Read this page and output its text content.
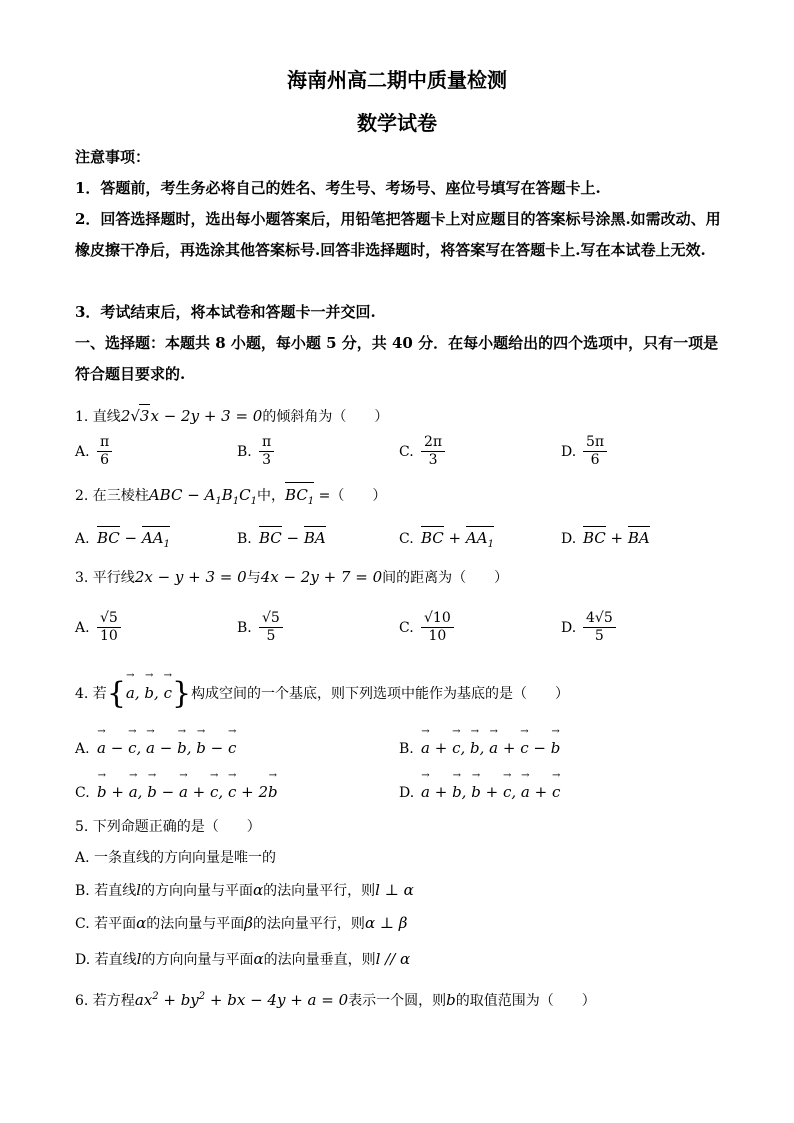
海南州高二期中质量检测
数学试卷
注意事项：
1．答题前，考生务必将自己的姓名、考生号、考场号、座位号填写在答题卡上.
2．回答选择题时，选出每小题答案后，用铅笔把答题卡上对应题目的答案标号涂黑.如需改动、用橡皮擦干净后，再选涂其他答案标号.回答非选择题时，将答案写在答题卡上.写在本试卷上无效.
3．考试结束后，将本试卷和答题卡一并交回.
一、选择题：本题共 8 小题，每小题 5 分，共 40 分．在每小题给出的四个选项中，只有一项是符合题目要求的.
1. 直线2√3x − 2y + 3 = 0的倾斜角为（　　）
A. $\frac{\pi}{6}$	B. $\frac{\pi}{3}$	C. $\frac{2\pi}{3}$	D. $\frac{5\pi}{6}$
2. 在三棱柱ABC − $A_1B_1C_1$中，$BC_1$ =（　　）
A. BC − $AA_1$	B. BC − BA	C. BC + $AA_1$	D. BC + BA
3. 平行线2x − y + 3 = 0与4x − 2y + 7 = 0间的距离为（　　）
A. $\frac{√5}{10}$	B. $\frac{√5}{5}$	C. $\frac{√10}{10}$	D. $\frac{4√5}{5}$
4. 若{→ a, → b, → c}构成空间的一个基底，则下列选项中能作为基底的是（　　）
A. → a − → c, → a − → b, → b − → c	B. → a + → c, → b, → a + → c − → b
C. → b + → a, → b − → a + → c, → c + 2→ b	D. → a + → b, → b + → c, → a + → c
5. 下列命题正确的是（　　）
A. 一条直线的方向向量是唯一的
B. 若直线l的方向向量与平面α的法向量平行，则l ⊥ α
C. 若平面α的法向量与平面β的法向量平行，则α ⊥ β
D. 若直线l的方向向量与平面α的法向量垂直，则l // α
6. 若方程$ax^2 + by^2$ + bx − 4y + a = 0表示一个圆，则b的取值范围为（　　）
